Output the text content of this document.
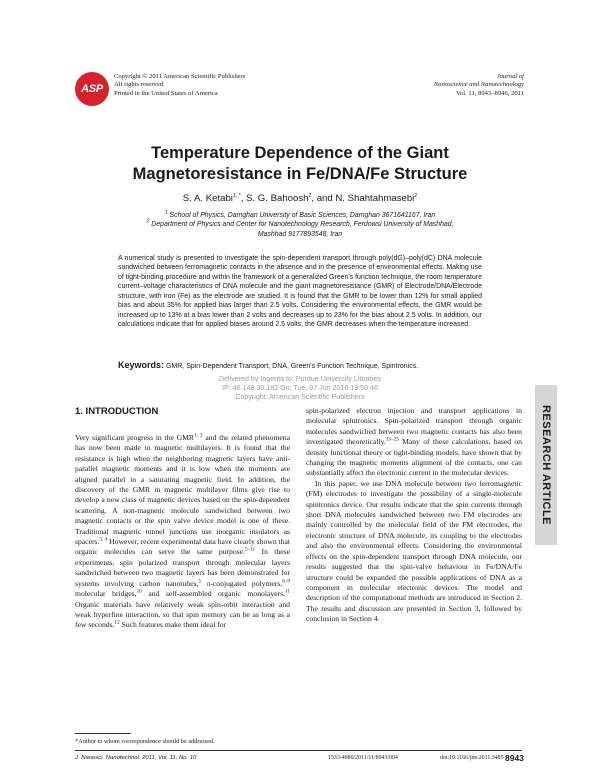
ASP
Copyright © 2011 American Scientific Publishers
All rights reserved
Printed in the United States of America
Journal of
Nanoscience and Nanotechnology
Vol. 11, 8943–8946, 2011
Temperature Dependence of the Giant
Magnetoresistance in Fe/DNA/Fe Structure
S. A. Ketabi$^{1, *}$, S. G. Bahoosh$^2$, and N. Shahtahmasebi$^2$
$^1$ School of Physics, Damghan University of Basic Sciences, Damghan 3671641167, Iran
$^2$ Department of Physics and Center for Nanotechnology Research, Ferdowsi University of Mashhad,
Mashhad 9177893548, Iran
A numerical study is presented to investigate the spin-dependent transport through poly(dG)–poly(dC) DNA molecule sandwiched between ferromagnetic contacts in the absence and in the presence of environmental effects. Making use of tight-binding procedure and within the framework of a generalized Green's function technique, the room temperature current–voltage characteristics of DNA molecule and the giant magnetoresistance (GMR) of Electrode/DNA/Electrode structure, with iron (Fe) as the electrode are studied. It is found that the GMR to be lower than 12% for small applied bias and about 35% for applied bias larger than 2.5 volts. Considering the environmental effects, the GMR would be increased up to 13% at a bias lower than 2 volts and decreases up to 23% for the bias about 2.5 volts. In addition, our calculations indicate that for applied biases around 2.5 volts, the GMR decreases when the temperature increased.
Keywords: GMR, Spin-Dependent Transport, DNA, Green's Function Technique, Spintronics.
Delivered by Ingenta to: Purdue University Libraries
IP: 46.148.30.182 On: Tue, 07 Jun 2016 19:50:46
Copyright: American Scientific Publishers
RESEARCH ARTICLE
1. INTRODUCTION

Very significant progress in the GMR$^{1, 2}$ and the related phenomena has now been made in magnetic multilayers. It is found that the resistance is high when the neighboring magnetic layers have anti-parallel magnetic moments and it is low when the moments are aligned parallel in a saturating magnetic field. In addition, the discovery of the GMR in magnetic multilayer films give rise to develop a new class of magnetic devices based on the spin-dependent scattering. A non-magnetic molecule sandwiched between two magnetic contacts or the spin valve device model is one of these. Traditional magnetic tunnel junctions use inorganic insulators as spacers.$^{3, 4}$ However, recent experimental data have clearly shown that organic molecules can serve the same purpose.$^{5-11}$ In these experiments, spin polarized transport through molecular layers sandwiched between two magnetic layers has been demonstrated for systems involving carbon nanotubes,$^5$ π-conjugated polymers,$^{6-9}$ molecular bridges,$^{10}$ and self-assembled organic monolayers.$^{11}$ Organic materials have relatively weak spin-orbit interaction and weak hyperfine interaction, so that spin memory can be as long as a few seconds.$^{12}$ Such features make them ideal for

spin-polarized electron injection and transport applications in molecular spintronics. Spin-polarized transport through organic molecules sandwiched between two magnetic contacts has also been investigated theoretically.$^{13-25}$ Many of these calculations, based on density functional theory or tight-binding models, have shown that by changing the magnetic moments alignment of the contacts, one can substantially affect the electronic current in the molecular devices.

In this paper, we use DNA molecule between two ferromagnetic (FM) electrodes to investigate the possibility of a single-molecule spintronics device. Our results indicate that the spin currents through short DNA molecules sandwiched between two FM electrodes are mainly controlled by the molecular field of the FM electrodes, the electronic structure of DNA molecule, its coupling to the electrodes and also the environmental effects. Considering the environmental effects on the spin-dependent transport through DNA molecule, our results suggested that the spin-valve behaviour in Fe/DNA/Fe structure could be expanded the possible applications of DNA as a component in molecular electronic devices. The model and description of the computational methods are introduced in Section 2. The results and discussion are presented in Section 3, followed by conclusion in Section 4.

*Author to whom correspondence should be addressed.
J. Nanosci. Nanotechnol. 2011, Vol. 11, No. 10	1533-4880/2011/11/8943/004	doi:10.1166/jnn.2011.3485 8943
